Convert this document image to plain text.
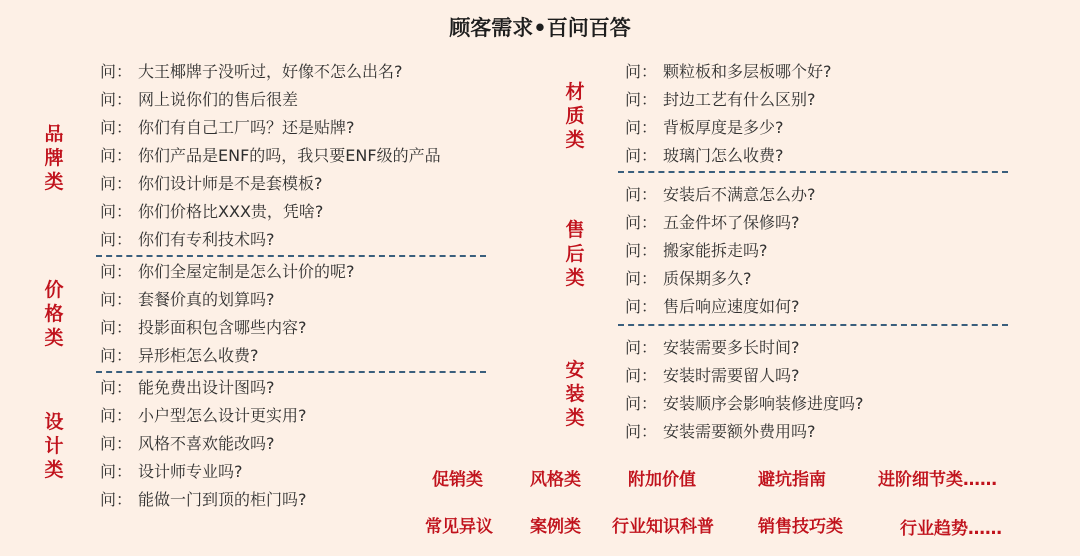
顾客需求•百问百答
品牌类
价格类
设计类
材质类
售后类
安装类
问： 大王椰牌子没听过，好像不怎么出名?
问： 网上说你们的售后很差
问： 你们有自己工厂吗？还是贴牌?
问： 你们产品是ENF的吗，我只要ENF级的产品
问： 你们设计师是不是套模板?
问： 你们价格比XXX贵，凭啥?
问： 你们有专利技术吗?
问： 你们全屋定制是怎么计价的呢?
问： 套餐价真的划算吗?
问： 投影面积包含哪些内容?
问： 异形柜怎么收费?
问： 能免费出设计图吗?
问： 小户型怎么设计更实用?
问： 风格不喜欢能改吗?
问： 设计师专业吗?
问： 能做一门到顶的柜门吗?
问： 颗粒板和多层板哪个好?
问： 封边工艺有什么区别?
问： 背板厚度是多少?
问： 玻璃门怎么收费?
问： 安装后不满意怎么办?
问： 五金件坏了保修吗?
问： 搬家能拆走吗?
问： 质保期多久?
问： 售后响应速度如何?
问： 安装需要多长时间?
问： 安装时需要留人吗?
问： 安装顺序会影响装修进度吗?
问： 安装需要额外费用吗?
促销类	风格类	附加价值	避坑指南	进阶细节类……
常见异议 案例类 行业知识科普	销售技巧类	行业趋势……
